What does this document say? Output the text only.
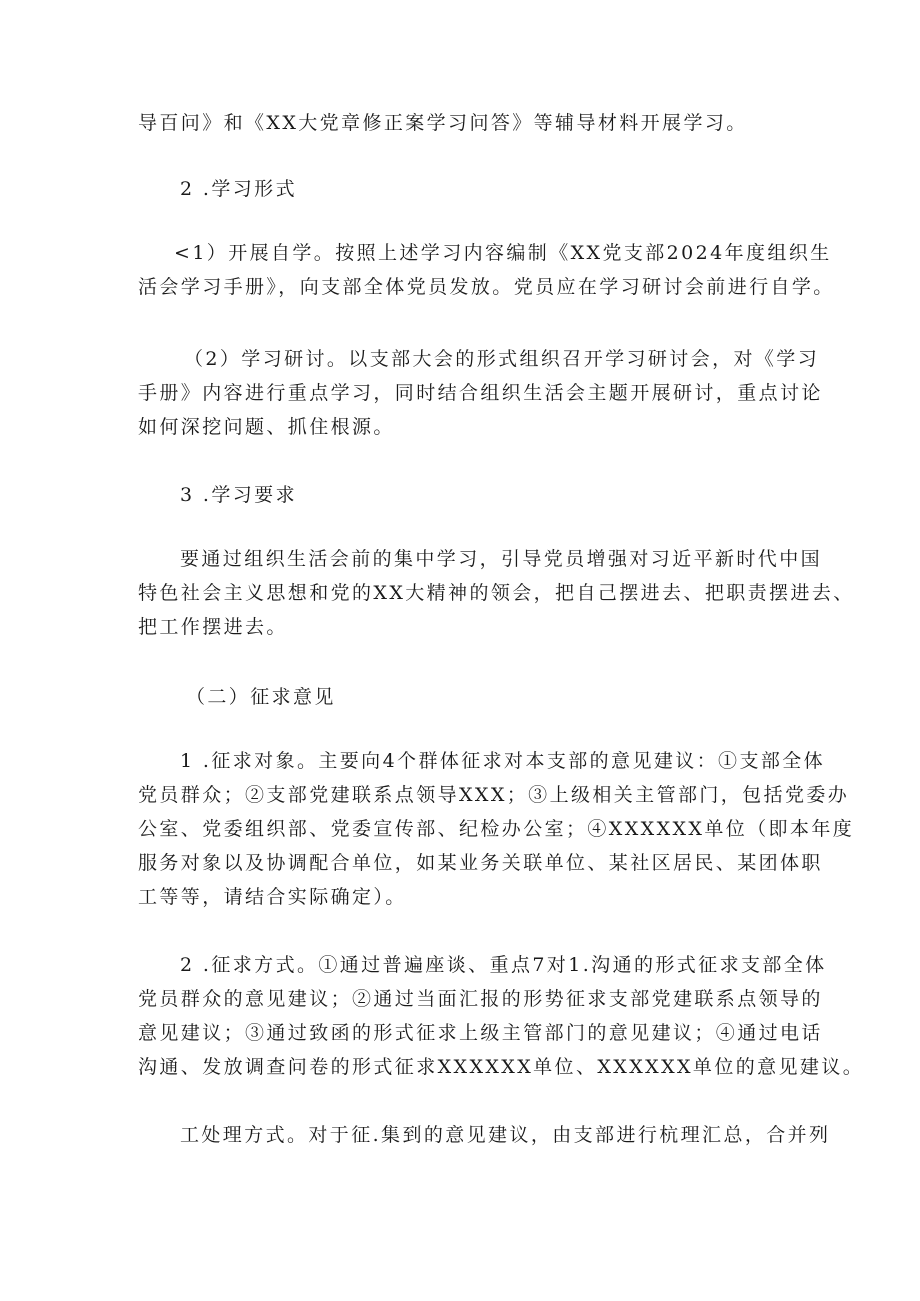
导百问》和《XX大党章修正案学习问答》等辅导材料开展学习。

2 .学习形式

<1）开展自学。按照上述学习内容编制《XX党支部2024年度组织生
活会学习手册》，向支部全体党员发放。党员应在学习研讨会前进行自学。

（2）学习研讨。以支部大会的形式组织召开学习研讨会，对《学习
手册》内容进行重点学习，同时结合组织生活会主题开展研讨，重点讨论
如何深挖问题、抓住根源。

3 .学习要求

要通过组织生活会前的集中学习，引导党员增强对习近平新时代中国
特色社会主义思想和党的XX大精神的领会，把自己摆进去、把职责摆进去、
把工作摆进去。

（二）征求意见

1 .征求对象。主要向4个群体征求对本支部的意见建议：①支部全体
党员群众；②支部党建联系点领导XXX；③上级相关主管部门，包括党委办
公室、党委组织部、党委宣传部、纪检办公室；④XXXXXX单位（即本年度
服务对象以及协调配合单位，如某业务关联单位、某社区居民、某团体职
工等等，请结合实际确定）。

2 .征求方式。①通过普遍座谈、重点7对1.沟通的形式征求支部全体
党员群众的意见建议；②通过当面汇报的形势征求支部党建联系点领导的
意见建议；③通过致函的形式征求上级主管部门的意见建议；④通过电话
沟通、发放调查问卷的形式征求XXXXXX单位、XXXXXX单位的意见建议。

工处理方式。对于征.集到的意见建议，由支部进行杭理汇总，合并列
